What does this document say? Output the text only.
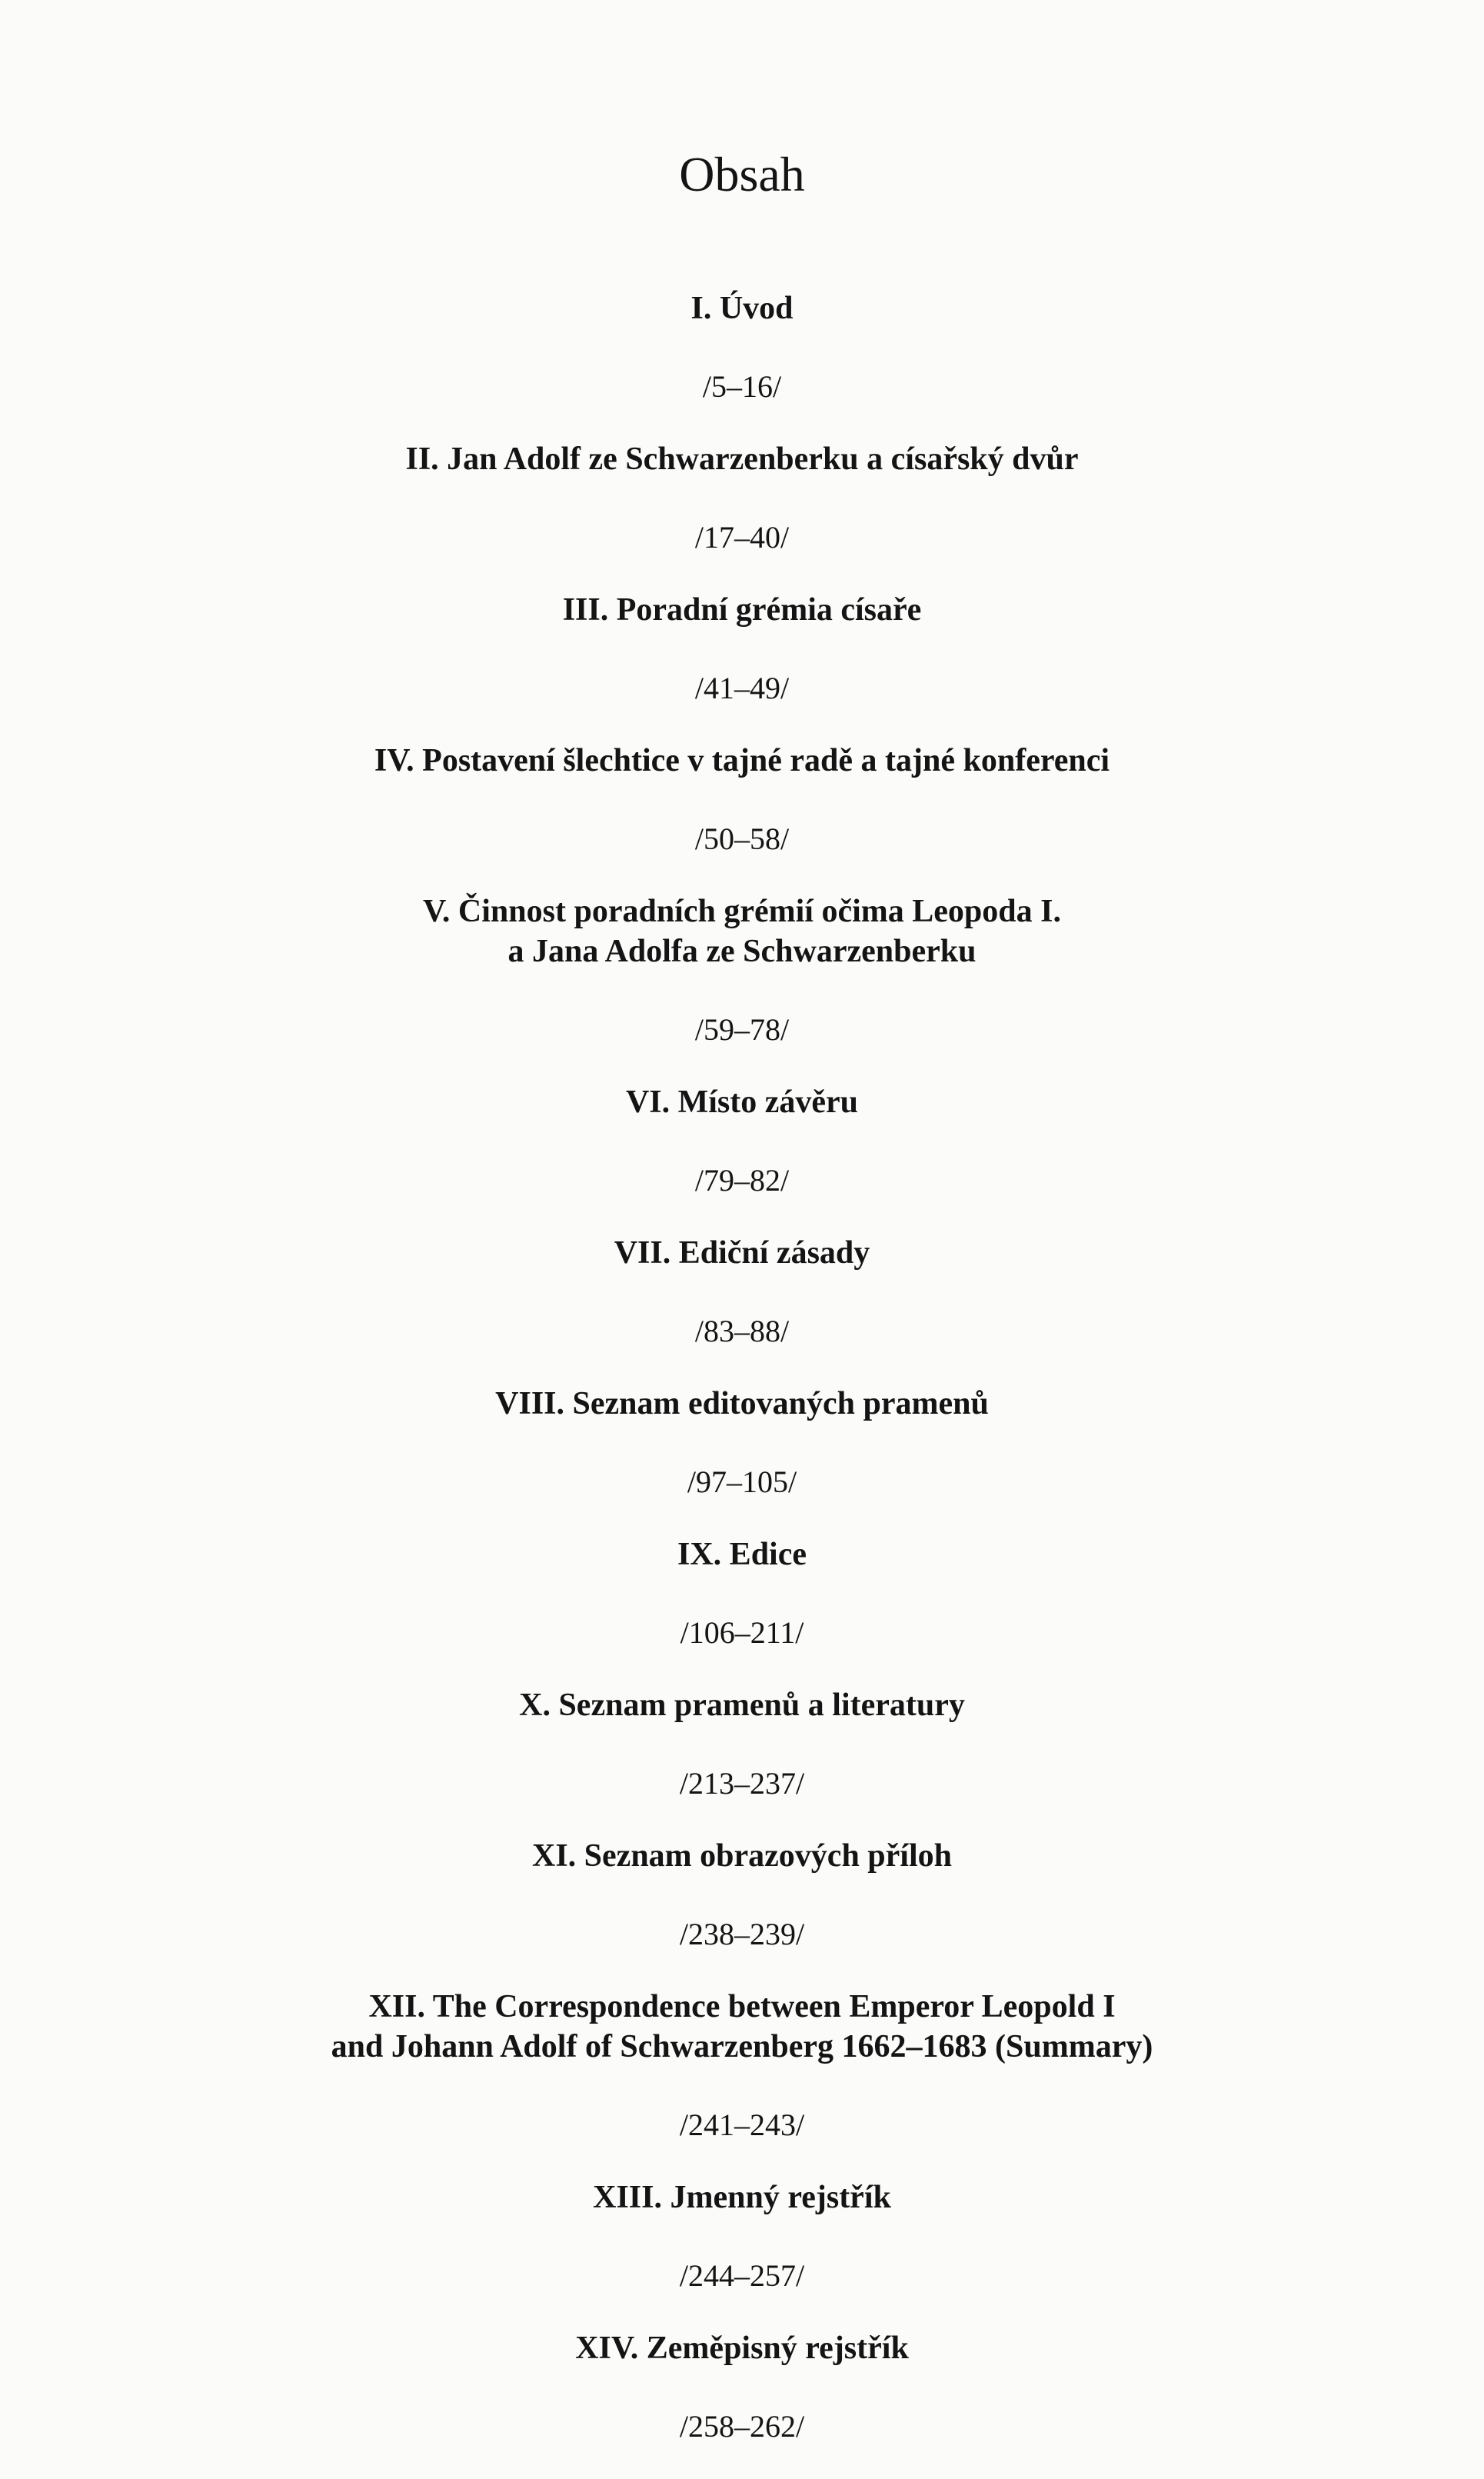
Obsah
I. Úvod
/5–16/
II. Jan Adolf ze Schwarzenberku a císařský dvůr
/17–40/
III. Poradní grémia císaře
/41–49/
IV. Postavení šlechtice v tajné radě a tajné konferenci
/50–58/
V. Činnost poradních grémií očima Leopoda I.
a Jana Adolfa ze Schwarzenberku
/59–78/
VI. Místo závěru
/79–82/
VII. Ediční zásady
/83–88/
VIII. Seznam editovaných pramenů
/97–105/
IX. Edice
/106–211/
X. Seznam pramenů a literatury
/213–237/
XI. Seznam obrazových příloh
/238–239/
XII. The Correspondence between Emperor Leopold I
and Johann Adolf of Schwarzenberg 1662–1683 (Summary)
/241–243/
XIII. Jmenný rejstřík
/244–257/
XIV. Zeměpisný rejstřík
/258–262/
